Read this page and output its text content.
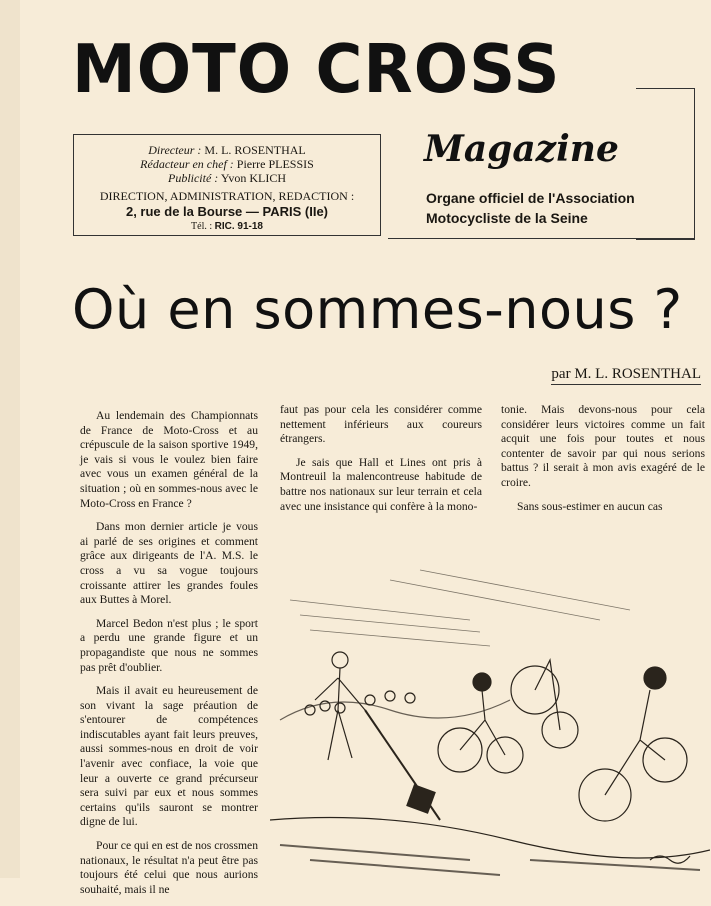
MOTO CROSS
Directeur : M. L. ROSENTHAL
Rédacteur en chef : Pierre PLESSIS
Publicité : Yvon KLICH
DIRECTION, ADMINISTRATION, REDACTION :
2, rue de la Bourse — PARIS (IIe)
Tél. : RIC. 91-18
Magazine
Organe officiel de l'Association
Motocycliste de la Seine
Où en sommes-nous ?
par M. L. ROSENTHAL

Au lendemain des Championnats de France de Moto-Cross et au crépuscule de la saison sportive 1949, je vais si vous le voulez bien faire avec vous un examen général de la situation ; où en sommes-nous avec le Moto-Cross en France ?

Dans mon dernier article je vous ai parlé de ses origines et comment grâce aux dirigeants de l'A. M.S. le cross a vu sa vogue toujours croissante attirer les grandes foules aux Buttes à Morel.

Marcel Bedon n'est plus ; le sport a perdu une grande figure et un propagandiste que nous ne sommes pas prêt d'oublier.

Mais il avait eu heureusement de son vivant la sage préaution de s'entourer de compétences indiscutables ayant fait leurs preuves, aussi sommes-nous en droit de voir l'avenir avec confiace, la voie que leur a ouverte ce grand précurseur sera suivi par eux et nous sommes certains qu'ils sauront se montrer digne de lui.

Pour ce qui en est de nos crossmen nationaux, le résultat n'a peut être pas toujours été celui que nous aurions souhaité, mais il ne

faut pas pour cela les considérer comme nettement inférieurs aux coureurs étrangers.

Je sais que Hall et Lines ont pris à Montreuil la malencontreuse habitude de battre nos nationaux sur leur terrain et cela avec une insistance qui confère à la mono-

tonie. Mais devons-nous pour cela considérer leurs victoires comme un fait acquit une fois pour toutes et nous contenter de savoir par qui nous serions battus ? il serait à mon avis exagéré de le croire.

Sans sous-estimer en aucun cas
